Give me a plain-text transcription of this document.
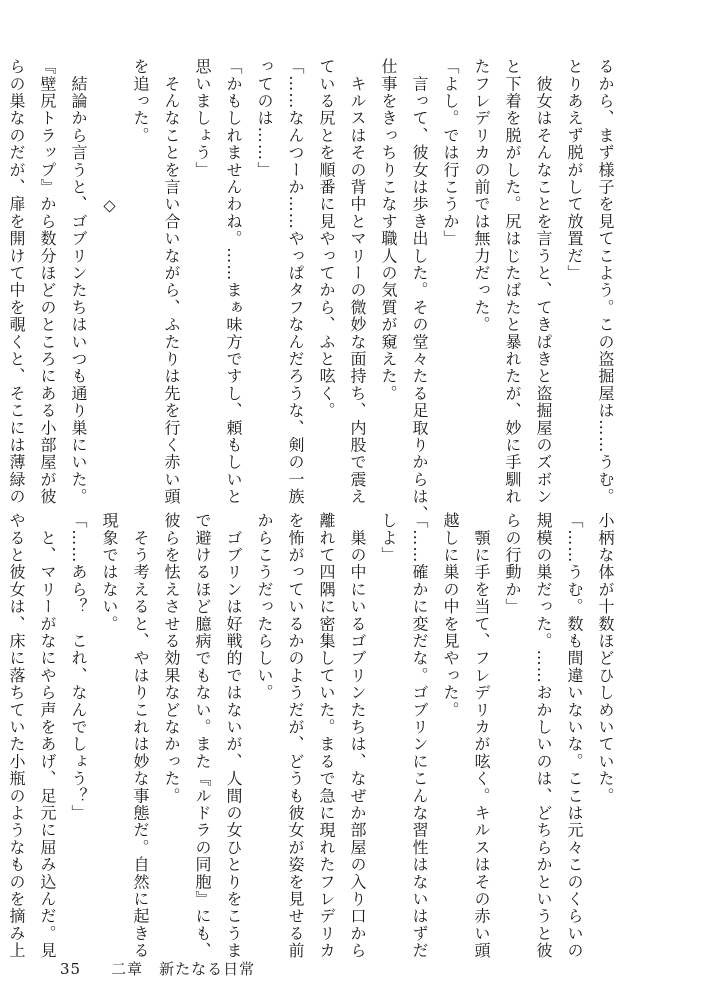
るから、まず様子を見てこよう。この盗掘屋は……うむ。
とりあえず脱がして放置だ」
　彼女はそんなことを言うと、てきぱきと盗掘屋のズボン
と下着を脱がした。尻はじたばたと暴れたが、妙に手馴れ
たフレデリカの前では無力だった。
「よし。では行こうか」
　言って、彼女は歩き出した。その堂々たる足取りからは、
仕事をきっちりこなす職人の気質が窺えた。
　キルスはその背中とマリーの微妙な面持ち、内股で震え
ている尻とを順番に見やってから、ふと呟く。
「……なんつーか……やっぱタフなんだろうな、剣の一族
ってのは……」
「かもしれませんわね。……まぁ味方ですし、頼もしいと
思いましょう」
　そんなことを言い合いながら、ふたりは先を行く赤い頭
を追った。
　　　　　　　　◇
　結論から言うと、ゴブリンたちはいつも通り巣にいた。
『壁尻トラップ』から数分ほどのところにある小部屋が彼
らの巣なのだが、扉を開けて中を覗くと、そこには薄緑の
小柄な体が十数ほどひしめいていた。
「……うむ。数も間違いないな。ここは元々このくらいの
規模の巣だった。……おかしいのは、どちらかというと彼
らの行動か」
　顎に手を当て、フレデリカが呟く。キルスはその赤い頭
越しに巣の中を見やった。
「……確かに変だな。ゴブリンにこんな習性はないはずだ
しよ」
　巣の中にいるゴブリンたちは、なぜか部屋の入り口から
離れて四隅に密集していた。まるで急に現れたフレデリカ
を怖がっているかのようだが、どうも彼女が姿を見せる前
からこうだったらしい。
　ゴブリンは好戦的ではないが、人間の女ひとりをこうま
で避けるほど臆病でもない。また『ルドラの同胞』にも、
彼らを怯えさせる効果などなかった。
　そう考えると、やはりこれは妙な事態だ。自然に起きる
現象ではない。
「……あら？　これ、なんでしょう？」
　と、マリーがなにやら声をあげ、足元に屈み込んだ。見
やると彼女は、床に落ちていた小瓶のようなものを摘み上
35 二章　新たなる日常
